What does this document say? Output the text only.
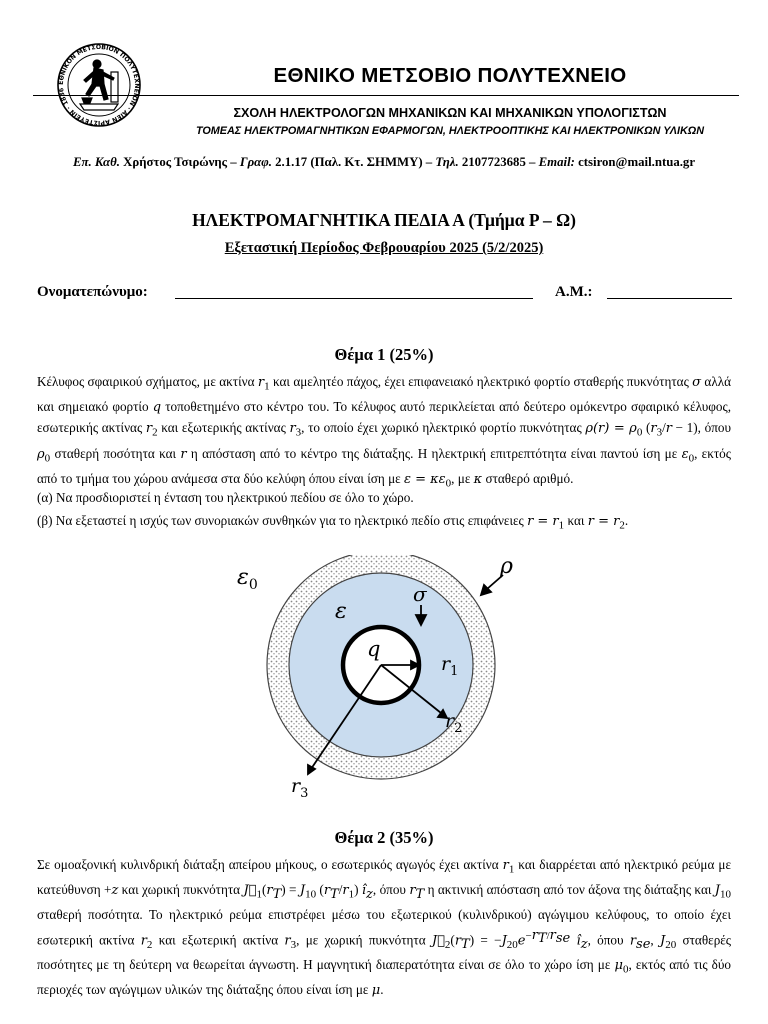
ΕΘΝΙΚΟΝ ΜΕΤΣΟΒΙΟΝ ΠΟΛΥΤΕΧΝΕΙΟΝ · ΑΙΕΝ ΑΡΙΣΤΕΥΕΙΝ · 1836
ΕΘΝΙΚΟ ΜΕΤΣΟΒΙΟ ΠΟΛΥΤΕΧΝΕΙΟ
ΣΧΟΛΗ ΗΛΕΚΤΡΟΛΟΓΩΝ ΜΗΧΑΝΙΚΩΝ ΚΑΙ ΜΗΧΑΝΙΚΩΝ ΥΠΟΛΟΓΙΣΤΩΝ
ΤΟΜΕΑΣ ΗΛΕΚΤΡΟΜΑΓΝΗΤΙΚΩΝ ΕΦΑΡΜΟΓΩΝ, ΗΛΕΚΤΡΟΟΠΤΙΚΗΣ ΚΑΙ ΗΛΕΚΤΡΟΝΙΚΩΝ ΥΛΙΚΩΝ
Επ. Καθ. Χρήστος Τσιρώνης – Γραφ. 2.1.17 (Παλ. Κτ. ΣΗΜΜΥ) – Τηλ. 2107723685 – Email: ctsiron@mail.ntua.gr
ΗΛΕΚΤΡΟΜΑΓΝΗΤΙΚΑ ΠΕΔΙΑ Α (Τμήμα Ρ – Ω)
Εξεταστική Περίοδος Φεβρουαρίου 2025 (5/2/2025)
Ονοματεπώνυμο:	Α.Μ.:
Θέμα 1 (25%)
Κέλυφος σφαιρικού σχήματος, με ακτίνα $r_1$ και αμελητέο πάχος, έχει επιφανειακό ηλεκτρικό φορτίο σταθερής πυκνότητας σ αλλά και σημειακό φορτίο q τοποθετημένο στο κέντρο του. Το κέλυφος αυτό περικλείεται από δεύτερο ομόκεντρο σφαιρικό κέλυφος, εσωτερικής ακτίνας $r_2$ και εξωτερικής ακτίνας $r_3$, το οποίο έχει χωρικό ηλεκτρικό φορτίο πυκνότητας $\rho(r) = \rho_0$ $(r_3/r - 1)$, όπου $\rho_0$ σταθερή ποσότητα και r η απόσταση από το κέντρο της διάταξης. Η ηλεκτρική επιτρεπτότητα είναι παντού ίση με $\varepsilon_0$, εκτός από το τμήμα του χώρου ανάμεσα στα δύο κελύφη όπου είναι ίση με $\varepsilon = \kappa\varepsilon_0$, με κ σταθερό αριθμό.
(α) Να προσδιοριστεί η ένταση του ηλεκτρικού πεδίου σε όλο το χώρο.
(β) Να εξεταστεί η ισχύς των συνοριακών συνθηκών για το ηλεκτρικό πεδίο στις επιφάνειες $r = r_1$ και $r = r_2$.
$\varepsilon_0$ ρ σ ε q $r_1$ $r_2$ $r_3$
Θέμα 2 (35%)
Σε ομοαξονική κυλινδρική διάταξη απείρου μήκους, ο εσωτερικός αγωγός έχει ακτίνα $r_1$ και διαρρέεται από ηλεκτρικό ρεύμα με κατεύθυνση +z και χωρική πυκνότητα $J⃗_1(r_T) = J_{10}$ $(r_T/r_1)$ $î_z$, όπου $r_T$ η ακτινική απόσταση από τον άξονα της διάταξης και $J_{10}$ σταθερή ποσότητα. Το ηλεκτρικό ρεύμα επιστρέφει μέσω του εξωτερικού (κυλινδρικού) αγώγιμου κελύφους, το οποίο έχει εσωτερική ακτίνα $r_2$ και εξωτερική ακτίνα $r_3$, με χωρική πυκνότητα $J⃗_2(r_T) = -J_{20}e^{-r_T/r_{se}}$ $î_z$, όπου $r_{se}$, $J_{20}$ σταθερές ποσότητες με τη δεύτερη να θεωρείται άγνωστη. Η μαγνητική διαπερατότητα είναι σε όλο το χώρο ίση με $\mu_0$, εκτός από τις δύο περιοχές των αγώγιμων υλικών της διάταξης όπου είναι ίση με μ.
